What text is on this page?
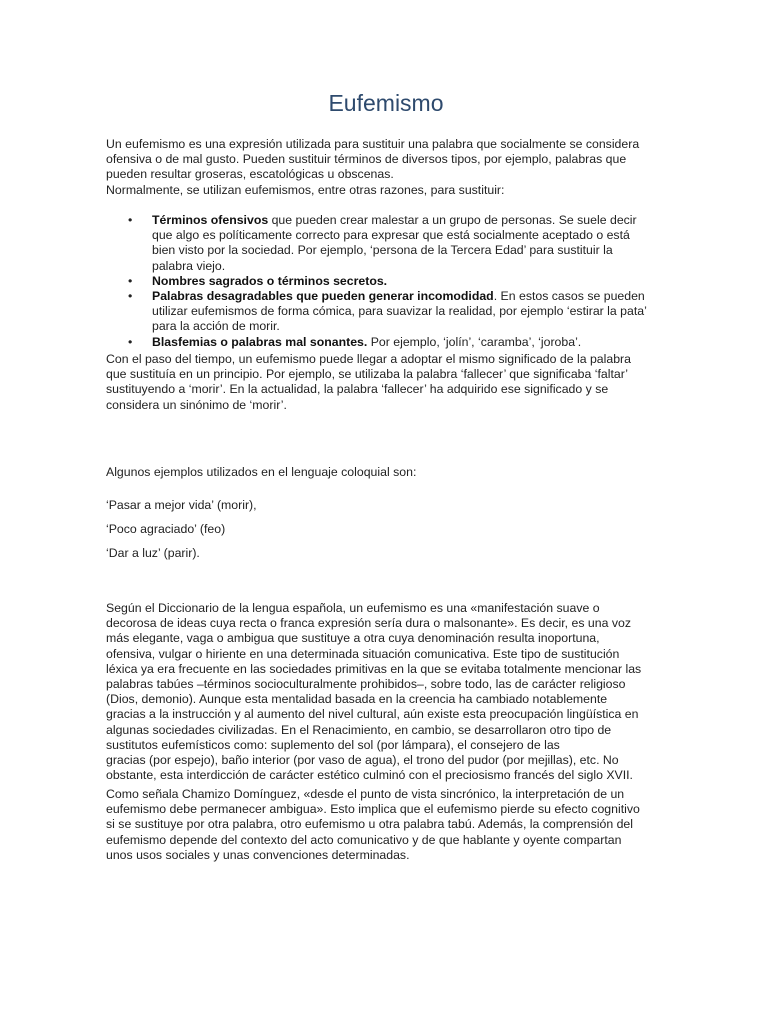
Eufemismo
Un eufemismo es una expresión utilizada para sustituir una palabra que socialmente se considera
ofensiva o de mal gusto. Pueden sustituir términos de diversos tipos, por ejemplo, palabras que
pueden resultar groseras, escatológicas u obscenas.
Normalmente, se utilizan eufemismos, entre otras razones, para sustituir:
• Términos ofensivos que pueden crear malestar a un grupo de personas. Se suele decir
que algo es políticamente correcto para expresar que está socialmente aceptado o está
bien visto por la sociedad. Por ejemplo, ‘persona de la Tercera Edad’ para sustituir la
palabra viejo.
• Nombres sagrados o términos secretos.
• Palabras desagradables que pueden generar incomodidad. En estos casos se pueden
utilizar eufemismos de forma cómica, para suavizar la realidad, por ejemplo ‘estirar la pata’
para la acción de morir.
• Blasfemias o palabras mal sonantes. Por ejemplo, ‘jolín’, ‘caramba’, ‘joroba’.
Con el paso del tiempo, un eufemismo puede llegar a adoptar el mismo significado de la palabra
que sustituía en un principio. Por ejemplo, se utilizaba la palabra ‘fallecer’ que significaba ‘faltar’
sustituyendo a ‘morir’. En la actualidad, la palabra ‘fallecer’ ha adquirido ese significado y se
considera un sinónimo de ‘morir’.
Algunos ejemplos utilizados en el lenguaje coloquial son:
‘Pasar a mejor vida’ (morir),
‘Poco agraciado’ (feo)
‘Dar a luz’ (parir).
Según el Diccionario de la lengua española, un eufemismo es una «manifestación suave o
decorosa de ideas cuya recta o franca expresión sería dura o malsonante». Es decir, es una voz
más elegante, vaga o ambigua que sustituye a otra cuya denominación resulta inoportuna,
ofensiva, vulgar o hiriente en una determinada situación comunicativa. Este tipo de sustitución
léxica ya era frecuente en las sociedades primitivas en la que se evitaba totalmente mencionar las
palabras tabúes –términos socioculturalmente prohibidos–, sobre todo, las de carácter religioso
(Dios, demonio). Aunque esta mentalidad basada en la creencia ha cambiado notablemente
gracias a la instrucción y al aumento del nivel cultural, aún existe esta preocupación lingüística en
algunas sociedades civilizadas. En el Renacimiento, en cambio, se desarrollaron otro tipo de
sustitutos eufemísticos como: suplemento del sol (por lámpara), el consejero de las
gracias (por espejo), baño interior (por vaso de agua), el trono del pudor (por mejillas), etc. No
obstante, esta interdicción de carácter estético culminó con el preciosismo francés del siglo XVII.
Como señala Chamizo Domínguez, «desde el punto de vista sincrónico, la interpretación de un
eufemismo debe permanecer ambigua». Esto implica que el eufemismo pierde su efecto cognitivo
si se sustituye por otra palabra, otro eufemismo u otra palabra tabú. Además, la comprensión del
eufemismo depende del contexto del acto comunicativo y de que hablante y oyente compartan
unos usos sociales y unas convenciones determinadas.
